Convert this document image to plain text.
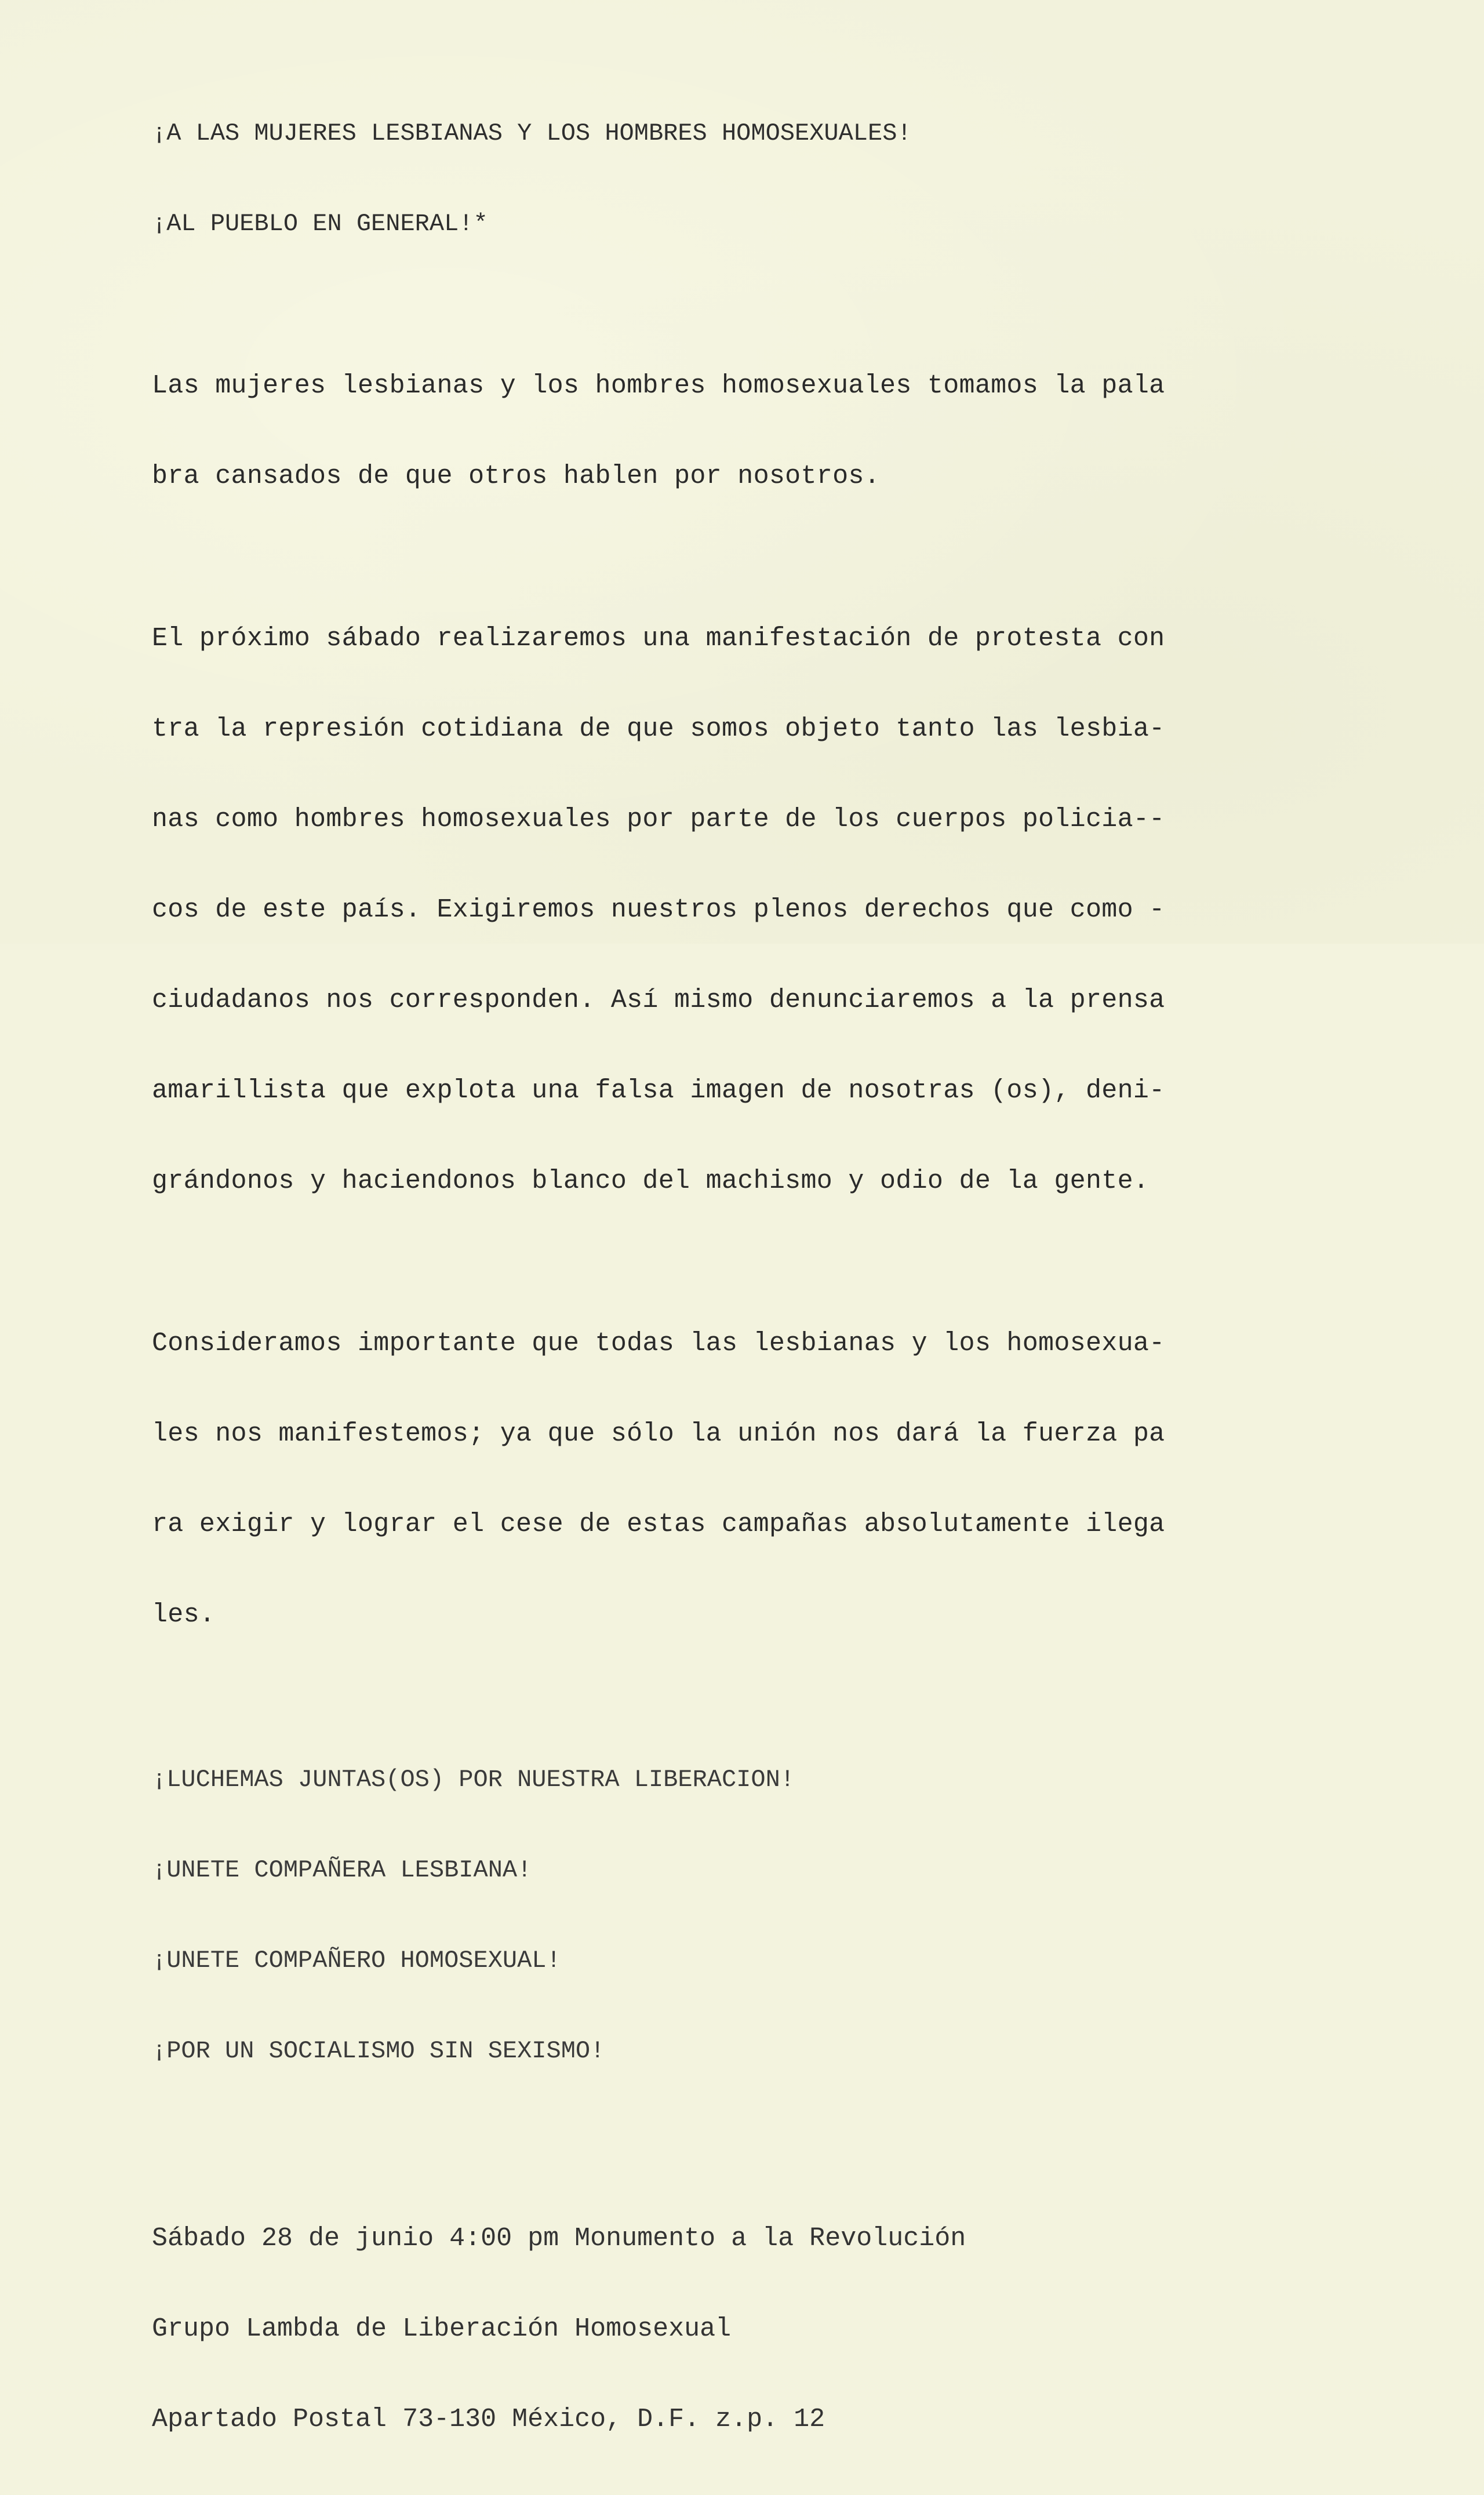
¡A LAS MUJERES LESBIANAS Y LOS HOMBRES HOMOSEXUALES!

¡AL PUEBLO EN GENERAL!*

Las mujeres lesbianas y los hombres homosexuales tomamos la pala

bra cansados de que otros hablen por nosotros.

El próximo sábado realizaremos una manifestación de protesta con

tra la represión cotidiana de que somos objeto tanto las lesbia-

nas como hombres homosexuales por parte de los cuerpos policia--

cos de este país. Exigiremos nuestros plenos derechos que como -

ciudadanos nos corresponden. Así mismo denunciaremos a la prensa

amarillista que explota una falsa imagen de nosotras (os), deni-

grándonos y haciendonos blanco del machismo y odio de la gente.

Consideramos importante que todas las lesbianas y los homosexua-

les nos manifestemos; ya que sólo la unión nos dará la fuerza pa

ra exigir y lograr el cese de estas campañas absolutamente ilega

les.

¡LUCHEMAS JUNTAS(OS) POR NUESTRA LIBERACION!

¡UNETE COMPAÑERA LESBIANA!

¡UNETE COMPAÑERO HOMOSEXUAL!

¡POR UN SOCIALISMO SIN SEXISMO!

Sábado 28 de junio 4:00 pm Monumento a la Revolución

Grupo Lambda de Liberación Homosexual

Apartado Postal 73-130 México, D.F. z.p. 12
